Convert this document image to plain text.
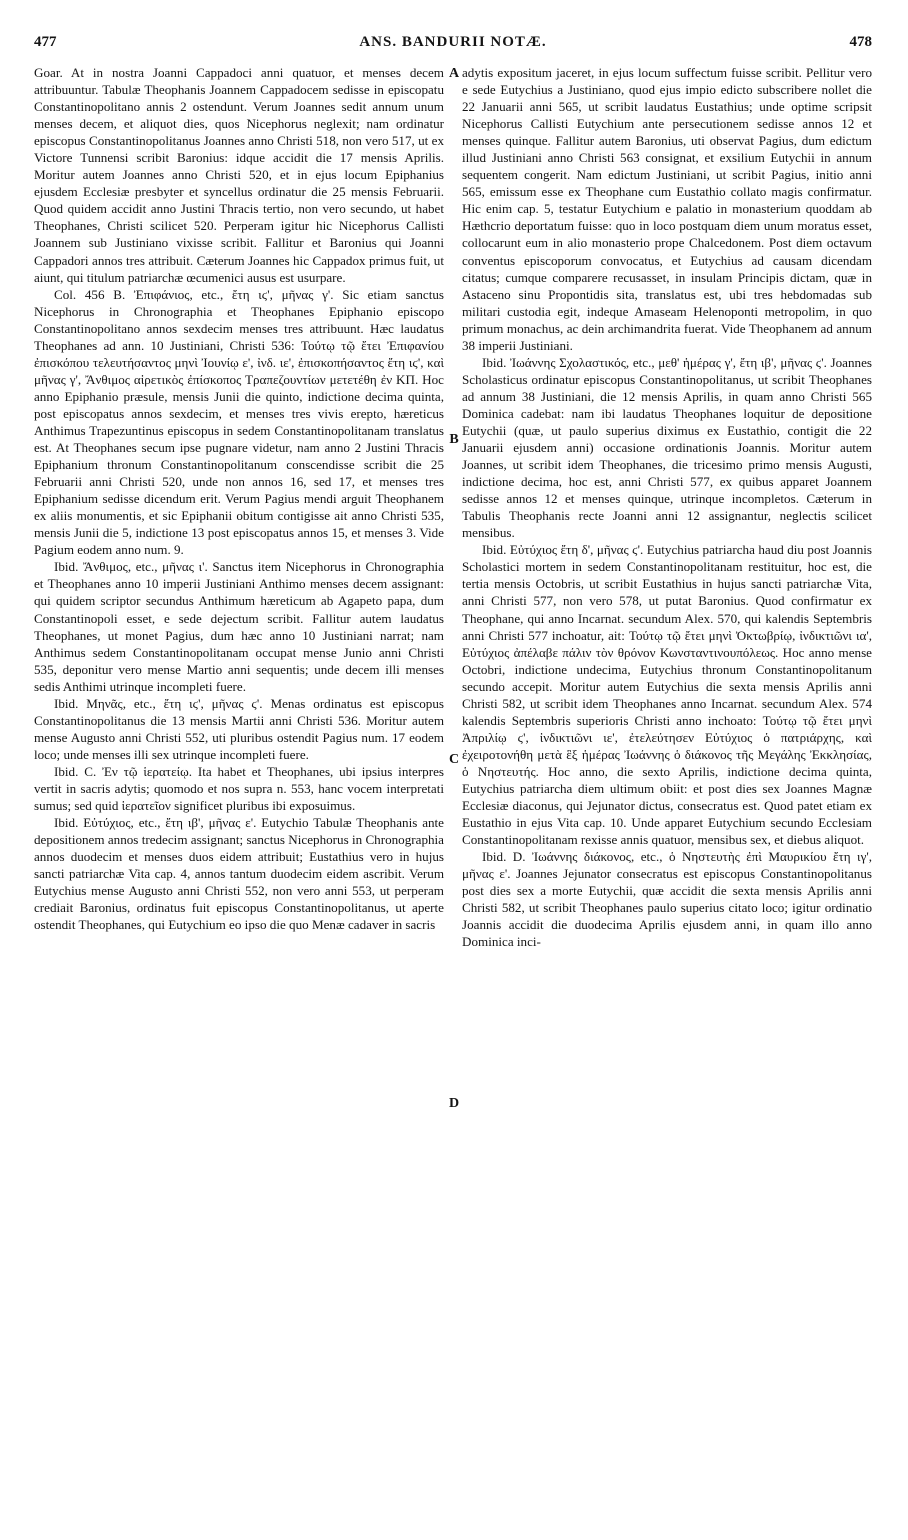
477	ANS. BANDURII NOTÆ.	478

Goar. At in nostra Joanni Cappadoci anni quatuor, et menses decem attribuuntur. Tabulæ Theophanis Joannem Cappadocem sedisse in episcopatu Constantinopolitano annis 2 ostendunt. Verum Joannes sedit annum unum menses decem, et aliquot dies, quos Nicephorus neglexit; nam ordinatur episcopus Constantinopolitanus Joannes anno Christi 518, non vero 517, ut ex Victore Tunnensi scribit Baronius: idque accidit die 17 mensis Aprilis. Moritur autem Joannes anno Christi 520, et in ejus locum Epiphanius ejusdem Ecclesiæ presbyter et syncellus ordinatur die 25 mensis Februarii. Quod quidem accidit anno Justini Thracis tertio, non vero secundo, ut habet Theophanes, Christi scilicet 520. Perperam igitur hic Nicephorus Callisti Joannem sub Justiniano vixisse scribit. Fallitur et Baronius qui Joanni Cappadori annos tres attribuit. Cæterum Joannes hic Cappadox primus fuit, ut aiunt, qui titulum patriarchæ œcumenici ausus est usurpare.

Col. 456 B. Ἐπιφάνιος, etc., ἔτη ιϛ', μῆνας γ'. Sic etiam sanctus Nicephorus in Chronographia et Theophanes Epiphanio episcopo Constantinopolitano annos sexdecim menses tres attribuunt. Hæc laudatus Theophanes ad ann. 10 Justiniani, Christi 536: Τούτῳ τῷ ἔτει Ἐπιφανίου ἐπισκόπου τελευτήσαντος μηνὶ Ἰουνίῳ ε', ἰνδ. ιε', ἐπισκοπήσαντος ἔτη ιϛ', καὶ μῆνας γ', Ἄνθιμος αἱρετικὸς ἐπίσκοπος Τραπεζουντίων μετετέθη ἐν ΚΠ. Hoc anno Epiphanio præsule, mensis Junii die quinto, indictione decima quinta, post episcopatus annos sexdecim, et menses tres vivis erepto, hæreticus Anthimus Trapezuntinus episcopus in sedem Constantinopolitanam translatus est. At Theophanes secum ipse pugnare videtur, nam anno 2 Justini Thracis Epiphanium thronum Constantinopolitanum conscendisse scribit die 25 Februarii anni Christi 520, unde non annos 16, sed 17, et menses tres Epiphanium sedisse dicendum erit. Verum Pagius mendi arguit Theophanem ex aliis monumentis, et sic Epiphanii obitum contigisse ait anno Christi 535, mensis Junii die 5, indictione 13 post episcopatus annos 15, et menses 3. Vide Pagium eodem anno num. 9.

Ibid. Ἄνθιμος, etc., μῆνας ι'. Sanctus item Nicephorus in Chronographia et Theophanes anno 10 imperii Justiniani Anthimo menses decem assignant: qui quidem scriptor secundus Anthimum hæreticum ab Agapeto papa, dum Constantinopoli esset, e sede dejectum scribit. Fallitur autem laudatus Theophanes, ut monet Pagius, dum hæc anno 10 Justiniani narrat; nam Anthimus sedem Constantinopolitanam occupat mense Junio anni Christi 535, deponitur vero mense Martio anni sequentis; unde decem illi menses sedis Anthimi utrinque incompleti fuere.

Ibid. Μηνᾶς, etc., ἔτη ιϛ', μῆνας ϛ'. Menas ordinatus est episcopus Constantinopolitanus die 13 mensis Martii anni Christi 536. Moritur autem mense Augusto anni Christi 552, uti pluribus ostendit Pagius num. 17 eodem loco; unde menses illi sex utrinque incompleti fuere.

Ibid. C. Ἐν τῷ ἱερατείῳ. Ita habet et Theophanes, ubi ipsius interpres vertit in sacris adytis; quomodo et nos supra n. 553, hanc vocem interpretati sumus; sed quid ἱερατεῖον significet pluribus ibi exposuimus.

Ibid. Εὐτύχιος, etc., ἔτη ιβ', μῆνας ε'. Eutychio Tabulæ Theophanis ante depositionem annos tredecim assignant; sanctus Nicephorus in Chronographia annos duodecim et menses duos eidem attribuit; Eustathius vero in hujus sancti patriarchæ Vita cap. 4, annos tantum duodecim eidem ascribit. Verum Eutychius mense Augusto anni Christi 552, non vero anni 553, ut perperam crediait Baronius, ordinatus fuit episcopus Constantinopolitanus, ut aperte ostendit Theophanes, qui Eutychium eo ipso die quo Menæ cadaver in sacris

A
B
C
D

adytis expositum jaceret, in ejus locum suffectum fuisse scribit. Pellitur vero e sede Eutychius a Justiniano, quod ejus impio edicto subscribere nollet die 22 Januarii anni 565, ut scribit laudatus Eustathius; unde optime scripsit Nicephorus Callisti Eutychium ante persecutionem sedisse annos 12 et menses quinque. Fallitur autem Baronius, uti observat Pagius, dum edictum illud Justiniani anno Christi 563 consignat, et exsilium Eutychii in annum sequentem congerit. Nam edictum Justiniani, ut scribit Pagius, initio anni 565, emissum esse ex Theophane cum Eustathio collato magis confirmatur. Hic enim cap. 5, testatur Eutychium e palatio in monasterium quoddam ab Hæthcrio deportatum fuisse: quo in loco postquam diem unum moratus esset, collocarunt eum in alio monasterio prope Chalcedonem. Post diem octavum conventus episcoporum convocatus, et Eutychius ad causam dicendam citatus; cumque comparere recusasset, in insulam Principis dictam, quæ in Astaceno sinu Propontidis sita, translatus est, ubi tres hebdomadas sub militari custodia egit, indeque Amaseam Helenoponti metropolim, in quo primum monachus, ac dein archimandrita fuerat. Vide Theophanem ad annum 38 imperii Justiniani.

Ibid. Ἰωάννης Σχολαστικός, etc., μεθ' ἡμέρας γ', ἔτη ιβ', μῆνας ϛ'. Joannes Scholasticus ordinatur episcopus Constantinopolitanus, ut scribit Theophanes ad annum 38 Justiniani, die 12 mensis Aprilis, in quam anno Christi 565 Dominica cadebat: nam ibi laudatus Theophanes loquitur de depositione Eutychii (quæ, ut paulo superius diximus ex Eustathio, contigit die 22 Januarii ejusdem anni) occasione ordinationis Joannis. Moritur autem Joannes, ut scribit idem Theophanes, die tricesimo primo mensis Augusti, indictione decima, hoc est, anni Christi 577, ex quibus apparet Joannem sedisse annos 12 et menses quinque, utrinque incompletos. Cæterum in Tabulis Theophanis recte Joanni anni 12 assignantur, neglectis scilicet mensibus.

Ibid. Εὐτύχιος ἔτη δ', μῆνας ϛ'. Eutychius patriarcha haud diu post Joannis Scholastici mortem in sedem Constantinopolitanam restituitur, hoc est, die tertia mensis Octobris, ut scribit Eustathius in hujus sancti patriarchæ Vita, anni Christi 577, non vero 578, ut putat Baronius. Quod confirmatur ex Theophane, qui anno Incarnat. secundum Alex. 570, qui kalendis Septembris anni Christi 577 inchoatur, ait: Τούτῳ τῷ ἔτει μηνὶ Ὀκτωβρίῳ, ἰνδικτιῶνι ια', Εὐτύχιος ἀπέλαβε πάλιν τὸν θρόνον Κωνσταντινουπόλεως. Hoc anno mense Octobri, indictione undecima, Eutychius thronum Constantinopolitanum secundo accepit. Moritur autem Eutychius die sexta mensis Aprilis anni Christi 582, ut scribit idem Theophanes anno Incarnat. secundum Alex. 574 kalendis Septembris superioris Christi anno inchoato: Τούτῳ τῷ ἔτει μηνὶ Ἀπριλίῳ ϛ', ἰνδικτιῶνι ιε', ἐτελεύτησεν Εὐτύχιος ὁ πατριάρχης, καὶ ἐχειροτονήθη μετὰ ἓξ ἡμέρας Ἰωάννης ὁ διάκονος τῆς Μεγάλης Ἐκκλησίας, ὁ Νηστευτής. Hoc anno, die sexto Aprilis, indictione decima quinta, Eutychius patriarcha diem ultimum obiit: et post dies sex Joannes Magnæ Ecclesiæ diaconus, qui Jejunator dictus, consecratus est. Quod patet etiam ex Eustathio in ejus Vita cap. 10. Unde apparet Eutychium secundo Ecclesiam Constantinopolitanam rexisse annis quatuor, mensibus sex, et diebus aliquot.

Ibid. D. Ἰωάννης διάκονος, etc., ὁ Νηστευτὴς ἐπὶ Μαυρικίου ἔτη ιγ', μῆνας ε'. Joannes Jejunator consecratus est episcopus Constantinopolitanus post dies sex a morte Eutychii, quæ accidit die sexta mensis Aprilis anni Christi 582, ut scribit Theophanes paulo superius citato loco; igitur ordinatio Joannis accidit die duodecima Aprilis ejusdem anni, in quam illo anno Dominica inci-
